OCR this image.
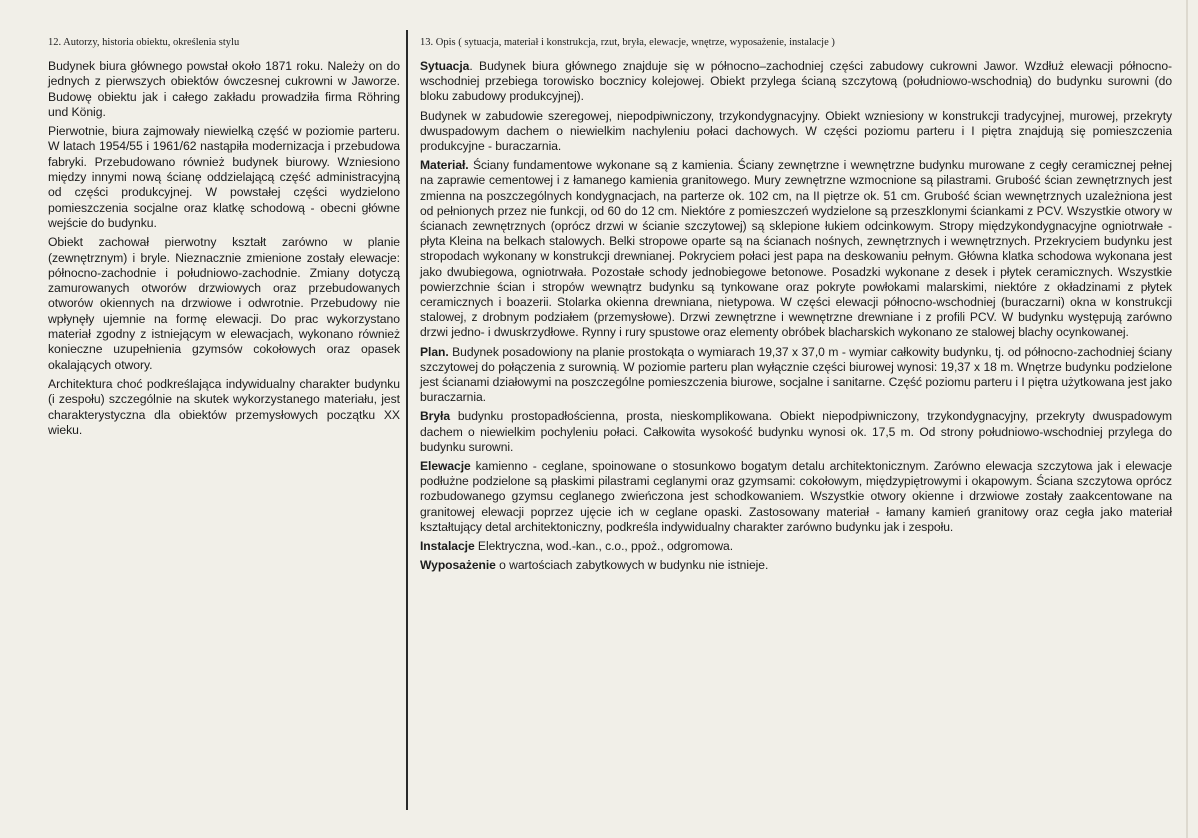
12. Autorzy, historia obiektu, określenia stylu

Budynek biura głównego powstał około 1871 roku. Należy on do jednych z pierwszych obiektów ówczesnej cukrowni w Jaworze. Budowę obiektu jak i całego zakładu prowadziła firma Röhring und König.

Pierwotnie, biura zajmowały niewielką część w poziomie parteru. W latach 1954/55 i 1961/62 nastąpiła modernizacja i przebudowa fabryki. Przebudowano również budynek biurowy. Wzniesiono między innymi nową ścianę oddzielającą część administracyjną od części produkcyjnej. W powstałej części wydzielono pomieszczenia socjalne oraz klatkę schodową - obecni główne wejście do budynku.

Obiekt zachował pierwotny kształt zarówno w planie (zewnętrznym) i bryle. Nieznacznie zmienione zostały elewacje: północno-zachodnie i południowo-zachodnie. Zmiany dotyczą zamurowanych otworów drzwiowych oraz przebudowanych otworów okiennych na drzwiowe i odwrotnie. Przebudowy nie wpłynęły ujemnie na formę elewacji. Do prac wykorzystano materiał zgodny z istniejącym w elewacjach, wykonano również konieczne uzupełnienia gzymsów cokołowych oraz opasek okalających otwory.

Architektura choć podkreślająca indywidualny charakter budynku (i zespołu) szczególnie na skutek wykorzystanego materiału, jest charakterystyczna dla obiektów przemysłowych początku XX wieku.

13. Opis ( sytuacja, materiał i konstrukcja, rzut, bryła, elewacje, wnętrze, wyposażenie, instalacje )

Sytuacja. Budynek biura głównego znajduje się w północno–zachodniej części zabudowy cukrowni Jawor. Wzdłuż elewacji północno-wschodniej przebiega torowisko bocznicy kolejowej. Obiekt przylega ścianą szczytową (południowo-wschodnią) do budynku surowni (do bloku zabudowy produkcyjnej).

Budynek w zabudowie szeregowej, niepodpiwniczony, trzykondygnacyjny. Obiekt wzniesiony w konstrukcji tradycyjnej, murowej, przekryty dwuspadowym dachem o niewielkim nachyleniu połaci dachowych. W części poziomu parteru i I piętra znajdują się pomieszczenia produkcyjne - buraczarnia.

Materiał. Ściany fundamentowe wykonane są z kamienia. Ściany zewnętrzne i wewnętrzne budynku murowane z cegły ceramicznej pełnej na zaprawie cementowej i z łamanego kamienia granitowego. Mury zewnętrzne wzmocnione są pilastrami. Grubość ścian zewnętrznych jest zmienna na poszczególnych kondygnacjach, na parterze ok. 102 cm, na II piętrze ok. 51 cm. Grubość ścian wewnętrznych uzależniona jest od pełnionych przez nie funkcji, od 60 do 12 cm. Niektóre z pomieszczeń wydzielone są przeszklonymi ściankami z PCV. Wszystkie otwory w ścianach zewnętrznych (oprócz drzwi w ścianie szczytowej) są sklepione łukiem odcinkowym. Stropy międzykondygnacyjne ogniotrwałe - płyta Kleina na belkach stalowych. Belki stropowe oparte są na ścianach nośnych, zewnętrznych i wewnętrznych. Przekryciem budynku jest stropodach wykonany w konstrukcji drewnianej. Pokryciem połaci jest papa na deskowaniu pełnym. Główna klatka schodowa wykonana jest jako dwubiegowa, ogniotrwała. Pozostałe schody jednobiegowe betonowe. Posadzki wykonane z desek i płytek ceramicznych. Wszystkie powierzchnie ścian i stropów wewnątrz budynku są tynkowane oraz pokryte powłokami malarskimi, niektóre z okładzinami z płytek ceramicznych i boazerii. Stolarka okienna drewniana, nietypowa. W części elewacji północno-wschodniej (buraczarni) okna w konstrukcji stalowej, z drobnym podziałem (przemysłowe). Drzwi zewnętrzne i wewnętrzne drewniane i z profili PCV. W budynku występują zarówno drzwi jedno- i dwuskrzydłowe. Rynny i rury spustowe oraz elementy obróbek blacharskich wykonano ze stalowej blachy ocynkowanej.

Plan. Budynek posadowiony na planie prostokąta o wymiarach 19,37 x 37,0 m - wymiar całkowity budynku, tj. od północno-zachodniej ściany szczytowej do połączenia z surownią. W poziomie parteru plan wyłącznie części biurowej wynosi: 19,37 x 18 m. Wnętrze budynku podzielone jest ścianami działowymi na poszczególne pomieszczenia biurowe, socjalne i sanitarne. Część poziomu parteru i I piętra użytkowana jest jako buraczarnia.

Bryła budynku prostopadłościenna, prosta, nieskomplikowana. Obiekt niepodpiwniczony, trzykondygnacyjny, przekryty dwuspadowym dachem o niewielkim pochyleniu połaci. Całkowita wysokość budynku wynosi ok. 17,5 m. Od strony południowo-wschodniej przylega do budynku surowni.

Elewacje kamienno - ceglane, spoinowane o stosunkowo bogatym detalu architektonicznym. Zarówno elewacja szczytowa jak i elewacje podłużne podzielone są płaskimi pilastrami ceglanymi oraz gzymsami: cokołowym, międzypiętrowymi i okapowym. Ściana szczytowa oprócz rozbudowanego gzymsu ceglanego zwieńczona jest schodkowaniem. Wszystkie otwory okienne i drzwiowe zostały zaakcentowane na granitowej elewacji poprzez ujęcie ich w ceglane opaski. Zastosowany materiał - łamany kamień granitowy oraz cegła jako materiał kształtujący detal architektoniczny, podkreśla indywidualny charakter zarówno budynku jak i zespołu.

Instalacje Elektryczna, wod.-kan., c.o., ppoż., odgromowa.

Wyposażenie o wartościach zabytkowych w budynku nie istnieje.
